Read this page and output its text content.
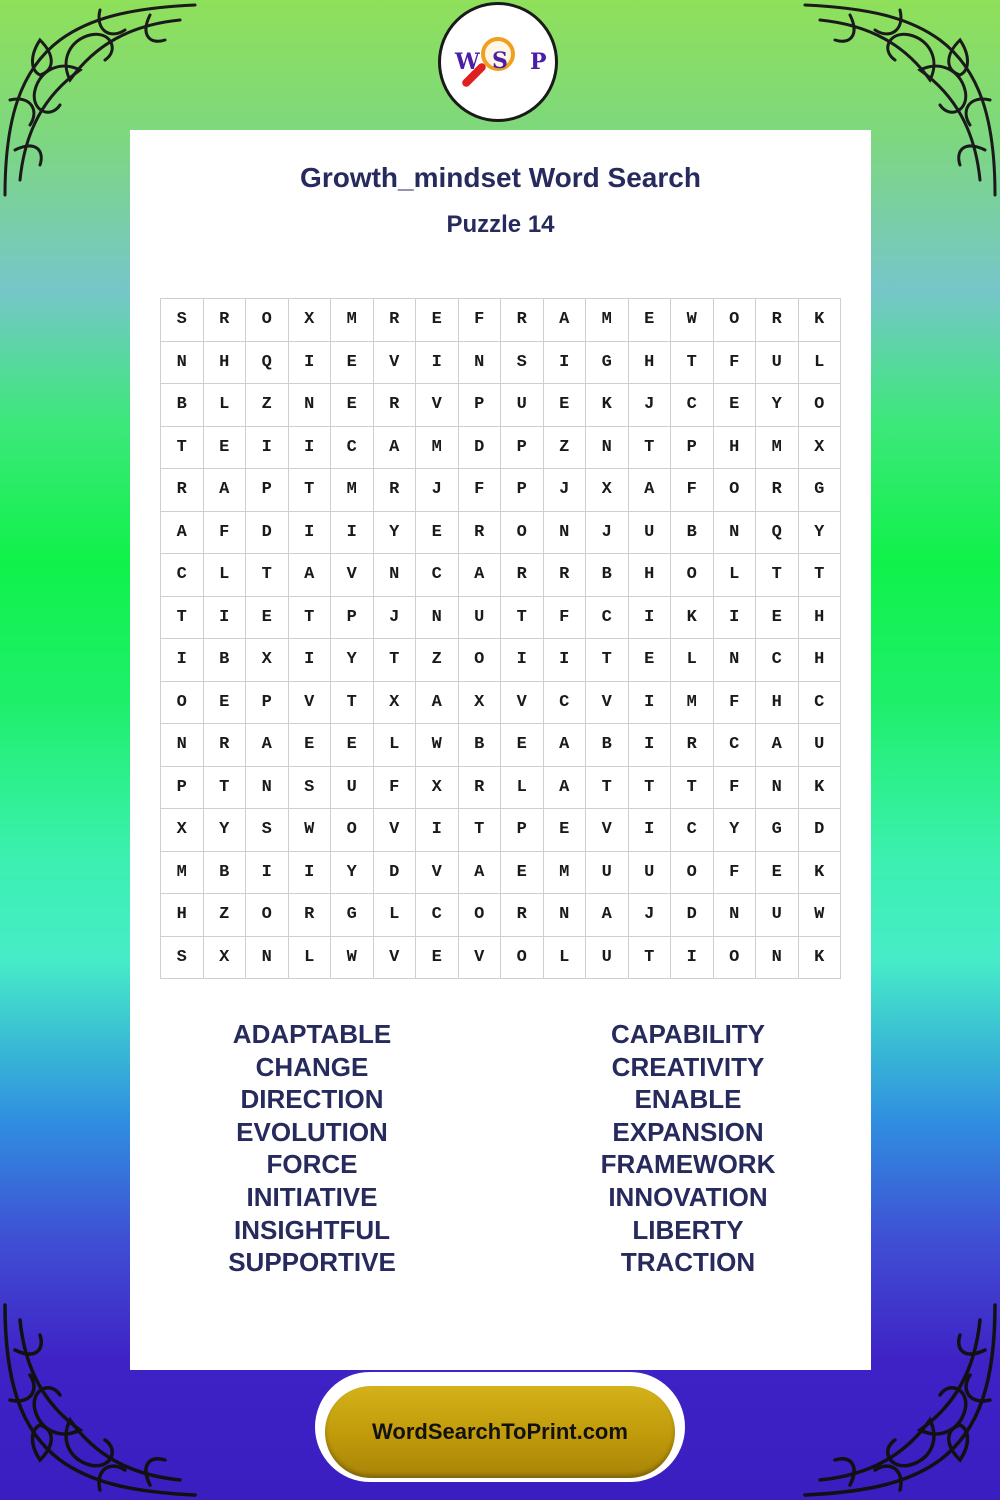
W S P
Growth_mindset Word Search
Puzzle 14
S	R	O	X	M	R	E	F	R	A	M	E	W	O	R	K
N	H	Q	I	E	V	I	N	S	I	G	H	T	F	U	L
B	L	Z	N	E	R	V	P	U	E	K	J	C	E	Y	O
T	E	I	I	C	A	M	D	P	Z	N	T	P	H	M	X
R	A	P	T	M	R	J	F	P	J	X	A	F	O	R	G
A	F	D	I	I	Y	E	R	O	N	J	U	B	N	Q	Y
C	L	T	A	V	N	C	A	R	R	B	H	O	L	T	T
T	I	E	T	P	J	N	U	T	F	C	I	K	I	E	H
I	B	X	I	Y	T	Z	O	I	I	T	E	L	N	C	H
O	E	P	V	T	X	A	X	V	C	V	I	M	F	H	C
N	R	A	E	E	L	W	B	E	A	B	I	R	C	A	U
P	T	N	S	U	F	X	R	L	A	T	T	T	F	N	K
X	Y	S	W	O	V	I	T	P	E	V	I	C	Y	G	D
M	B	I	I	Y	D	V	A	E	M	U	U	O	F	E	K
H	Z	O	R	G	L	C	O	R	N	A	J	D	N	U	W
S	X	N	L	W	V	E	V	O	L	U	T	I	O	N	K
ADAPTABLE
CHANGE
DIRECTION
EVOLUTION
FORCE
INITIATIVE
INSIGHTFUL
SUPPORTIVE
CAPABILITY
CREATIVITY
ENABLE
EXPANSION
FRAMEWORK
INNOVATION
LIBERTY
TRACTION
WordSearchToPrint.com
